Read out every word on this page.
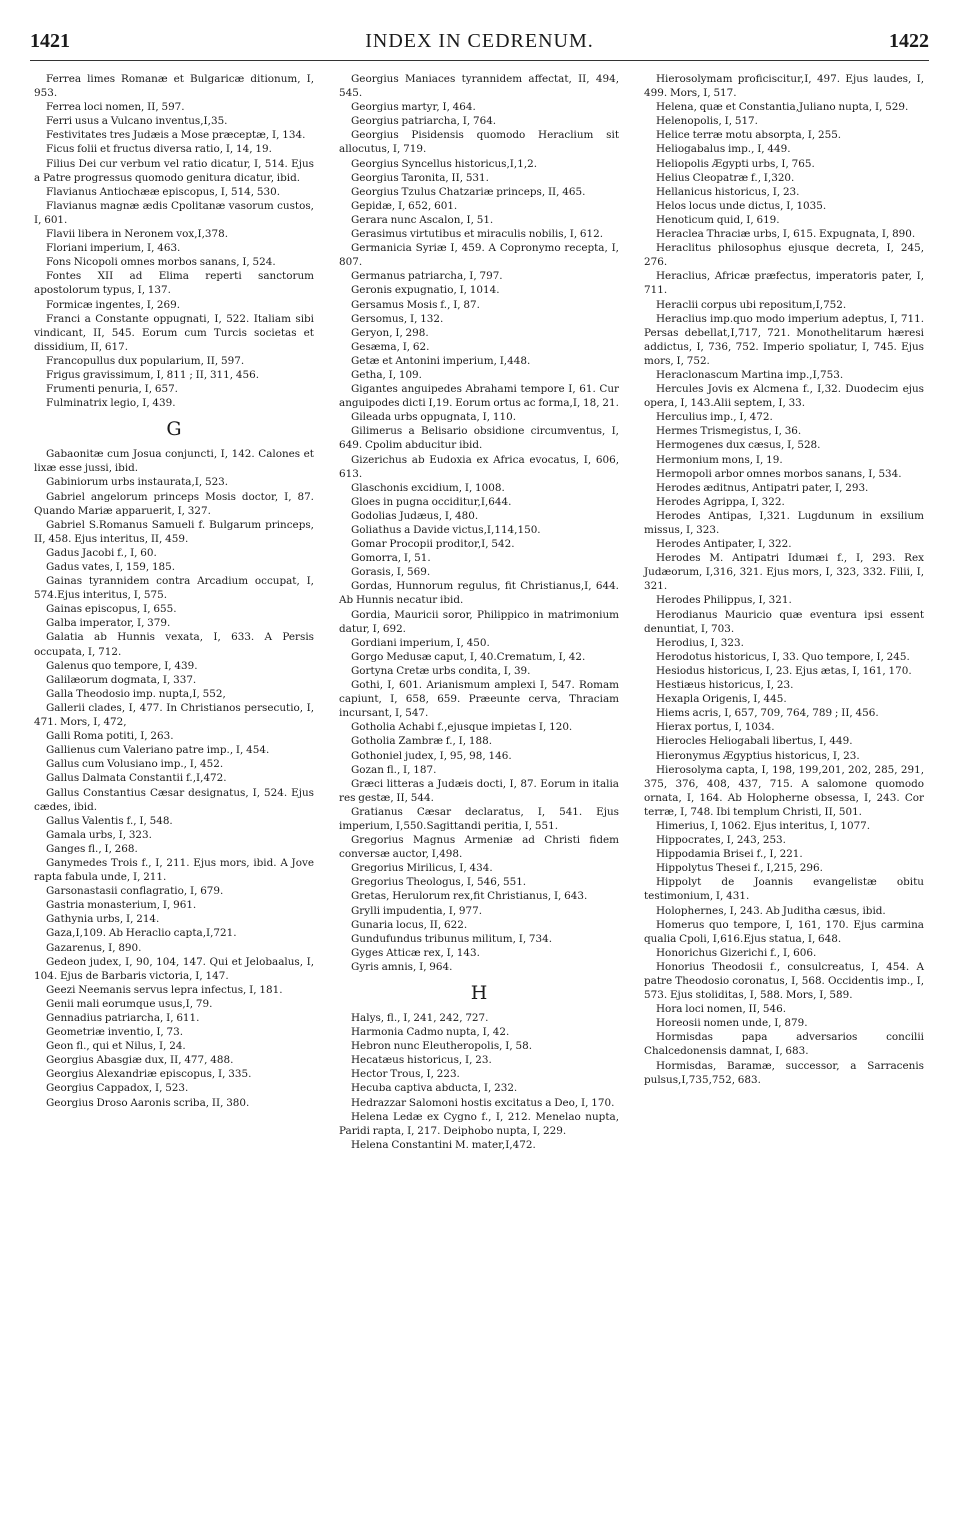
1421	INDEX IN CEDRENUM.	1422

Ferrea limes Romanæ et Bulgaricæ ditionum, I, 953.

Ferrea loci nomen, II, 597.

Ferri usus a Vulcano inventus,I,35.

Festivitates tres Judæis a Mose præceptæ, I, 134.

Ficus folii et fructus diversa ratio, I, 14, 19.

Filius Dei cur verbum vel ratio dicatur, I, 514. Ejus a Patre progressus quomodo genitura dicatur, ibid.

Flavianus Antiochææ episcopus, I, 514, 530.

Flavianus magnæ ædis Cpolitanæ vasorum custos, I, 601.

Flavii libera in Neronem vox,I,378.

Floriani imperium, I, 463.

Fons Nicopoli omnes morbos sanans, I, 524.

Fontes XII ad Elima reperti sanctorum apostolorum typus, I, 137.

Formicæ ingentes, I, 269.

Franci a Constante oppugnati, I, 522. Italiam sibi vindicant, II, 545. Eorum cum Turcis societas et dissidium, II, 617.

Francopullus dux popularium, II, 597.

Frigus gravissimum, I, 811 ; II, 311, 456.

Frumenti penuria, I, 657.

Fulminatrix legio, I, 439.

G

Gabaonitæ cum Josua conjuncti, I, 142. Calones et lixæ esse jussi, ibid.

Gabiniorum urbs instaurata,I, 523.

Gabriel angelorum princeps Mosis doctor, I, 87. Quando Mariæ apparuerit, I, 327.

Gabriel S.Romanus Samueli f. Bulgarum princeps, II, 458. Ejus interitus, II, 459.

Gadus Jacobi f., I, 60.

Gadus vates, I, 159, 185.

Gainas tyrannidem contra Arcadium occupat, I, 574.Ejus interitus, I, 575.

Gainas episcopus, I, 655.

Galba imperator, I, 379.

Galatia ab Hunnis vexata, I, 633. A Persis occupata, I, 712.

Galenus quo tempore, I, 439.

Galilæorum dogmata, I, 337.

Galla Theodosio imp. nupta,I, 552,

Gallerii clades, I, 477. In Christianos persecutio, I, 471. Mors, I, 472,

Galli Roma potiti, I, 263.

Gallienus cum Valeriano patre imp., I, 454.

Gallus cum Volusiano imp., I, 452.

Gallus Dalmata Constantii f.,I,472.

Gallus Constantius Cæsar designatus, I, 524. Ejus cædes, ibid.

Gallus Valentis f., I, 548.

Gamala urbs, I, 323.

Ganges fl., I, 268.

Ganymedes Trois f., I, 211. Ejus mors, ibid. A Jove rapta fabula unde, I, 211.

Garsonastasii conflagratio, I, 679.

Gastria monasterium, I, 961.

Gathynia urbs, I, 214.

Gaza,I,109. Ab Heraclio capta,I,721.

Gazarenus, I, 890.

Gedeon judex, I, 90, 104, 147. Qui et Jelobaalus, I, 104. Ejus de Barbaris victoria, I, 147.

Geezi Neemanis servus lepra infectus, I, 181.

Genii mali eorumque usus,I, 79.

Gennadius patriarcha, I, 611.

Geometriæ inventio, I, 73.

Geon fl., qui et Nilus, I, 24.

Georgius Abasgiæ dux, II, 477, 488.

Georgius Alexandriæ episcopus, I, 335.

Georgius Cappadox, I, 523.

Georgius Droso Aaronis scriba, II, 380.

Georgius Maniaces tyrannidem affectat, II, 494, 545.

Georgius martyr, I, 464.

Georgius patriarcha, I, 764.

Georgius Pisidensis quomodo Heraclium sit allocutus, I, 719.

Georgius Syncellus historicus,I,1,2.

Georgius Taronita, II, 531.

Georgius Tzulus Chatzariæ princeps, II, 465.

Gepidæ, I, 652, 601.

Gerara nunc Ascalon, I, 51.

Gerasimus virtutibus et miraculis nobilis, I, 612.

Germanicia Syriæ I, 459. A Copronymo recepta, I, 807.

Germanus patriarcha, I, 797.

Geronis expugnatio, I, 1014.

Gersamus Mosis f., I, 87.

Gersomus, I, 132.

Geryon, I, 298.

Gesæma, I, 62.

Getæ et Antonini imperium, I,448.

Getha, I, 109.

Gigantes anguipedes Abrahami tempore I, 61. Cur anguipodes dicti I,19. Eorum ortus ac forma,I, 18, 21.

Gileada urbs oppugnata, I, 110.

Gilimerus a Belisario obsidione circumventus, I, 649. Cpolim abducitur ibid.

Gizerichus ab Eudoxia ex Africa evocatus, I, 606, 613.

Glaschonis excidium, I, 1008.

Gloes in pugna occiditur,I,644.

Godolias Judæus, I, 480.

Goliathus a Davide victus,I,114,150.

Gomar Procopii proditor,I, 542.

Gomorra, I, 51.

Gorasis, I, 569.

Gordas, Hunnorum regulus, fit Christianus,I, 644. Ab Hunnis necatur ibid.

Gordia, Mauricii soror, Philippico in matrimonium datur, I, 692.

Gordiani imperium, I, 450.

Gorgo Medusæ caput, I, 40.Crematum, I, 42.

Gortyna Cretæ urbs condita, I, 39.

Gothi, I, 601. Arianismum amplexi I, 547. Romam capiunt, I, 658, 659. Præeunte cerva, Thraciam incursant, I, 547.

Gotholia Achabi f.,ejusque impietas I, 120.

Gotholia Zambræ f., I, 188.

Gothoniel judex, I, 95, 98, 146.

Gozan fl., I, 187.

Græci litteras a Judæis docti, I, 87. Eorum in italia res gestæ, II, 544.

Gratianus Cæsar declaratus, I, 541. Ejus imperium, I,550.Sagittandi peritia, I, 551.

Gregorius Magnus Armeniæ ad Christi fidem conversæ auctor, I,498.

Gregorius Mirilicus, I, 434.

Gregorius Theologus, I, 546, 551.

Gretas, Herulorum rex,fit Christianus, I, 643.

Grylli impudentia, I, 977.

Gunaria locus, II, 622.

Gundufundus tribunus militum, I, 734.

Gyges Atticæ rex, I, 143.

Gyris amnis, I, 964.

H

Halys, fl., I, 241, 242, 727.

Harmonia Cadmo nupta, I, 42.

Hebron nunc Eleutheropolis, I, 58.

Hecatæus historicus, I, 23.

Hector Trous, I, 223.

Hecuba captiva abducta, I, 232.

Hedrazzar Salomoni hostis excitatus a Deo, I, 170.

Helena Ledæ ex Cygno f., I, 212. Menelao nupta, Paridi rapta, I, 217. Deiphobo nupta, I, 229.

Helena Constantini M. mater,I,472.

Hierosolymam proficiscitur,I, 497. Ejus laudes, I, 499. Mors, I, 517.

Helena, quæ et Constantia,Juliano nupta, I, 529.

Helenopolis, I, 517.

Helice terræ motu absorpta, I, 255.

Heliogabalus imp., I, 449.

Heliopolis Ægypti urbs, I, 765.

Helius Cleopatræ f., I,320.

Hellanicus historicus, I, 23.

Helos locus unde dictus, I, 1035.

Henoticum quid, I, 619.

Heraclea Thraciæ urbs, I, 615. Expugnata, I, 890.

Heraclitus philosophus ejusque decreta, I, 245, 276.

Heraclius, Africæ præfectus, imperatoris pater, I, 711.

Heraclii corpus ubi repositum,I,752.

Heraclius imp.quo modo imperium adeptus, I, 711. Persas debellat,I,717, 721. Monothelitarum hæresi addictus, I, 736, 752. Imperio spoliatur, I, 745. Ejus mors, I, 752.

Heraclonascum Martina imp.,I,753.

Hercules Jovis ex Alcmena f., I,32. Duodecim ejus opera, I, 143.Alii septem, I, 33.

Herculius imp., I, 472.

Hermes Trismegistus, I, 36.

Hermogenes dux cæsus, I, 528.

Hermonium mons, I, 19.

Hermopoli arbor omnes morbos sanans, I, 534.

Herodes æditnus, Antipatri pater, I, 293.

Herodes Agrippa, I, 322.

Herodes Antipas, I,321. Lugdunum in exsilium missus, I, 323.

Herodes Antipater, I, 322.

Herodes M. Antipatri Idumæi f., I, 293. Rex Judæorum, I,316, 321. Ejus mors, I, 323, 332. Filii, I, 321.

Herodes Philippus, I, 321.

Herodianus Mauricio quæ eventura ipsi essent denuntiat, I, 703.

Herodius, I, 323.

Herodotus historicus, I, 33. Quo tempore, I, 245.

Hesiodus historicus, I, 23. Ejus ætas, I, 161, 170.

Hestiæus historicus, I, 23.

Hexapla Origenis, I, 445.

Hiems acris, I, 657, 709, 764, 789 ; II, 456.

Hierax portus, I, 1034.

Hierocles Heliogabali libertus, I, 449.

Hieronymus Ægyptius historicus, I, 23.

Hierosolyma capta, I, 198, 199,201, 202, 285, 291, 375, 376, 408, 437, 715. A salomone quomodo ornata, I, 164. Ab Holopherne obsessa, I, 243. Cor terræ, I, 748. Ibi templum Christi, II, 501.

Himerius, I, 1062. Ejus interitus, I, 1077.

Hippocrates, I, 243, 253.

Hippodamia Brisei f., I, 221.

Hippolytus Thesei f., I,215, 296.

Hippolyt de Joannis evangelistæ obitu testimonium, I, 431.

Holophernes, I, 243. Ab Juditha cæsus, ibid.

Homerus quo tempore, I, 161, 170. Ejus carmina qualia Cpoli, I,616.Ejus statua, I, 648.

Honorichus Gizerichi f., I, 606.

Honorius Theodosii f., consulcreatus, I, 454. A patre Theodosio coronatus, I, 568. Occidentis imp., I, 573. Ejus stoliditas, I, 588. Mors, I, 589.

Hora loci nomen, II, 546.

Horeosii nomen unde, I, 879.

Hormisdas papa adversarios concilii Chalcedonensis damnat, I, 683.

Hormisdas, Baramæ, successor, a Sarracenis pulsus,I,735,752, 683.
